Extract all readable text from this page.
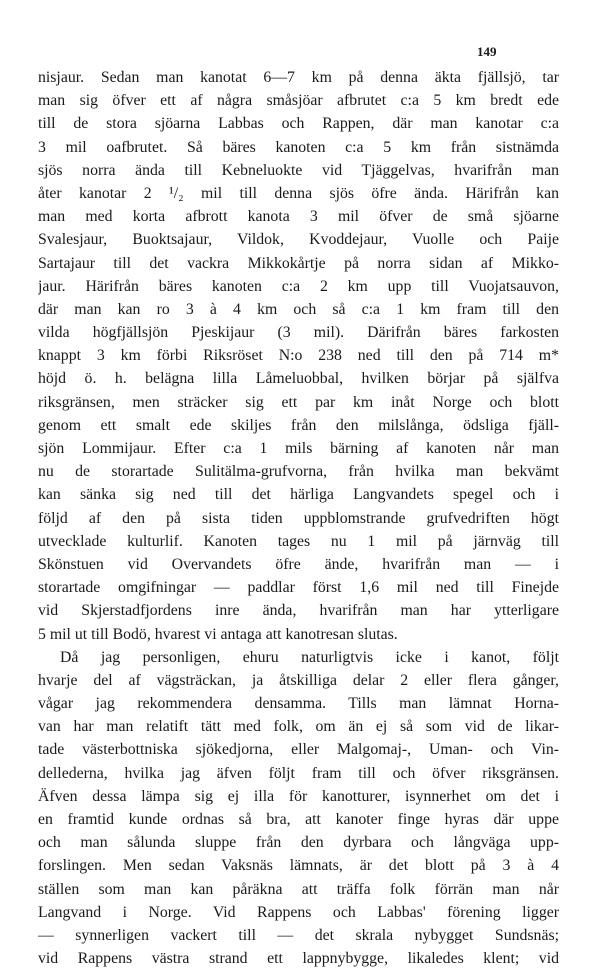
149
nisjaur. Sedan man kanotat 6—7 km på denna äkta fjällsjö, tar
man sig öfver ett af några småsjöar afbrutet c:a 5 km bredt ede
till de stora sjöarna Labbas och Rappen, där man kanotar c:a
3 mil oafbrutet. Så bäres kanoten c:a 5 km från sistnämda
sjös norra ända till Kebneluokte vid Tjäggelvas, hvarifrån man
åter kanotar 2 ¹/₂ mil till denna sjös öfre ända. Härifrån kan
man med korta afbrott kanota 3 mil öfver de små sjöarne
Svalesjaur, Buoktsajaur, Vildok, Kvoddejaur, Vuolle och Paije
Sartajaur till det vackra Mikkokårtje på norra sidan af Mikko-
jaur. Härifrån bäres kanoten c:a 2 km upp till Vuojatsauvon,
där man kan ro 3 à 4 km och så c:a 1 km fram till den
vilda högfjällsjön Pjeskijaur (3 mil). Därifrån bäres farkosten
knappt 3 km förbi Riksröset N:o 238 ned till den på 714 m*
höjd ö. h. belägna lilla Låmeluobbal, hvilken börjar på själfva
riksgränsen, men sträcker sig ett par km inåt Norge och blott
genom ett smalt ede skiljes från den milslånga, ödsliga fjäll-
sjön Lommijaur. Efter c:a 1 mils bärning af kanoten når man
nu de storartade Sulitälma-grufvorna, från hvilka man bekvämt
kan sänka sig ned till det härliga Langvandets spegel och i
följd af den på sista tiden uppblomstrande grufvedriften högt
utvecklade kulturlif. Kanoten tages nu 1 mil på järnväg till
Skönstuen vid Overvandets öfre ände, hvarifrån man — i
storartade omgifningar — paddlar först 1,6 mil ned till Finejde
vid Skjerstadfjordens inre ända, hvarifrån man har ytterligare
5 mil ut till Bodö, hvarest vi antaga att kanotresan slutas.
Då jag personligen, ehuru naturligtvis icke i kanot, följt
hvarje del af vägsträckan, ja åtskilliga delar 2 eller flera gånger,
vågar jag rekommendera densamma. Tills man lämnat Horna-
van har man relatift tätt med folk, om än ej så som vid de likar-
tade västerbottniska sjökedjorna, eller Malgomaj-, Uman- och Vin-
dellederna, hvilka jag äfven följt fram till och öfver riksgränsen.
Äfven dessa lämpa sig ej illa för kanotturer, isynnerhet om det i
en framtid kunde ordnas så bra, att kanoter finge hyras där uppe
och man sålunda sluppe från den dyrbara och långväga upp-
forslingen. Men sedan Vaksnäs lämnats, är det blott på 3 à 4
ställen som man kan påräkna att träffa folk förrän man når
Langvand i Norge. Vid Rappens och Labbas' förening ligger
— synnerligen vackert till — det skrala nybygget Sundsnäs;
vid Rappens västra strand ett lappnybygge, likaledes klent; vid
